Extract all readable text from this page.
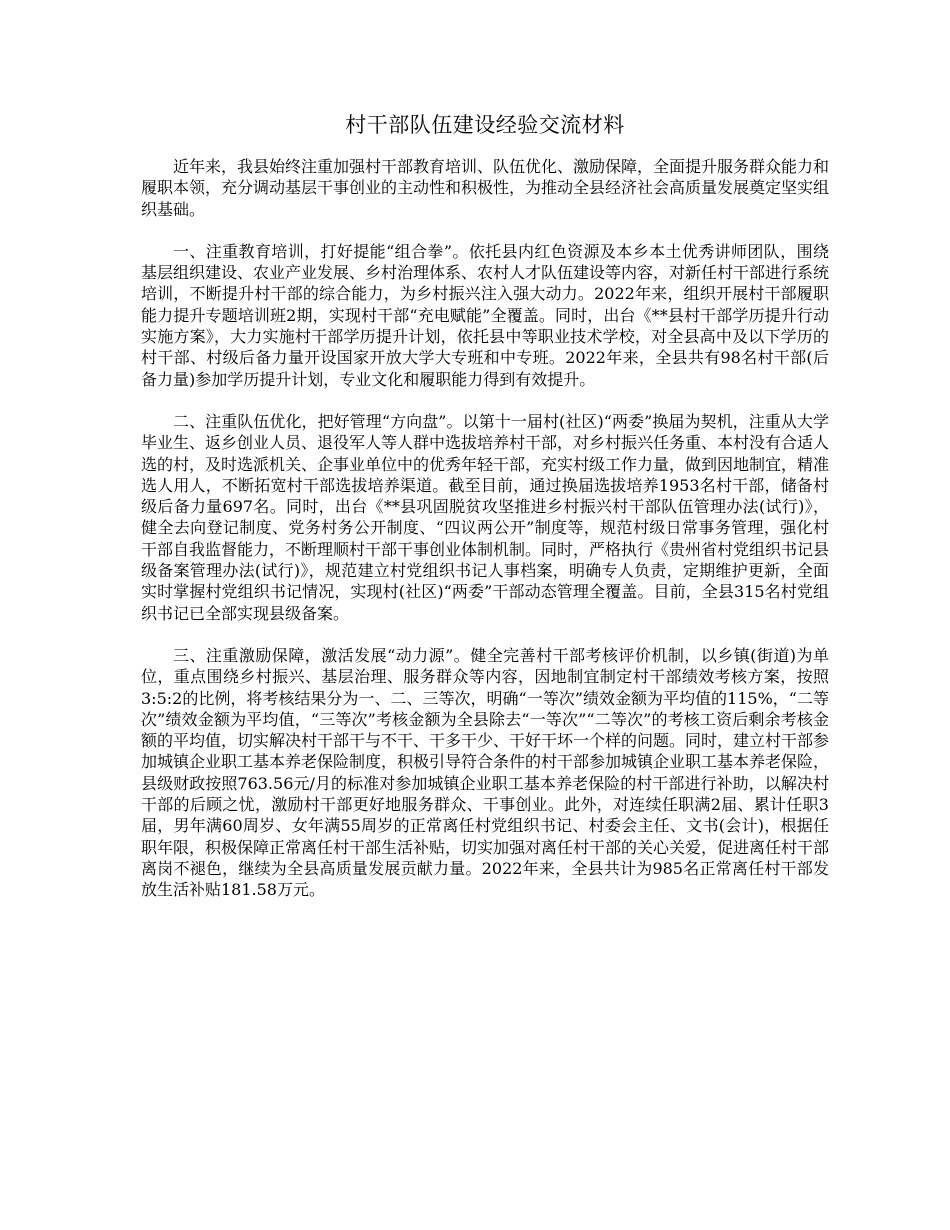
村干部队伍建设经验交流材料

近年来，我县始终注重加强村干部教育培训、队伍优化、激励保障，全面提升服务群众能力和履职本领，充分调动基层干事创业的主动性和积极性，为推动全县经济社会高质量发展奠定坚实组织基础。

一、注重教育培训，打好提能“组合拳”。依托县内红色资源及本乡本土优秀讲师团队，围绕基层组织建设、农业产业发展、乡村治理体系、农村人才队伍建设等内容，对新任村干部进行系统培训，不断提升村干部的综合能力，为乡村振兴注入强大动力。2022年来，组织开展村干部履职能力提升专题培训班2期，实现村干部“充电赋能”全覆盖。同时，出台《**县村干部学历提升行动实施方案》，大力实施村干部学历提升计划，依托县中等职业技术学校，对全县高中及以下学历的村干部、村级后备力量开设国家开放大学大专班和中专班。2022年来，全县共有98名村干部(后备力量)参加学历提升计划，专业文化和履职能力得到有效提升。

二、注重队伍优化，把好管理“方向盘”。以第十一届村(社区)“两委”换届为契机，注重从大学毕业生、返乡创业人员、退役军人等人群中选拔培养村干部，对乡村振兴任务重、本村没有合适人选的村，及时选派机关、企事业单位中的优秀年轻干部，充实村级工作力量，做到因地制宜，精准选人用人，不断拓宽村干部选拔培养渠道。截至目前，通过换届选拔培养1953名村干部，储备村级后备力量697名。同时，出台《**县巩固脱贫攻坚推进乡村振兴村干部队伍管理办法(试行)》，健全去向登记制度、党务村务公开制度、“四议两公开”制度等，规范村级日常事务管理，强化村干部自我监督能力，不断理顺村干部干事创业体制机制。同时，严格执行《贵州省村党组织书记县级备案管理办法(试行)》，规范建立村党组织书记人事档案，明确专人负责，定期维护更新，全面实时掌握村党组织书记情况，实现村(社区)“两委”干部动态管理全覆盖。目前，全县315名村党组织书记已全部实现县级备案。

三、注重激励保障，激活发展“动力源”。健全完善村干部考核评价机制，以乡镇(街道)为单位，重点围绕乡村振兴、基层治理、服务群众等内容，因地制宜制定村干部绩效考核方案，按照3:5:2的比例，将考核结果分为一、二、三等次，明确“一等次”绩效金额为平均值的115%，“二等次”绩效金额为平均值，“三等次”考核金额为全县除去“一等次”“二等次”的考核工资后剩余考核金额的平均值，切实解决村干部干与不干、干多干少、干好干坏一个样的问题。同时，建立村干部参加城镇企业职工基本养老保险制度，积极引导符合条件的村干部参加城镇企业职工基本养老保险，县级财政按照763.56元/月的标准对参加城镇企业职工基本养老保险的村干部进行补助，以解决村干部的后顾之忧，激励村干部更好地服务群众、干事创业。此外，对连续任职满2届、累计任职3届，男年满60周岁、女年满55周岁的正常离任村党组织书记、村委会主任、文书(会计)，根据任职年限，积极保障正常离任村干部生活补贴，切实加强对离任村干部的关心关爱，促进离任村干部离岗不褪色，继续为全县高质量发展贡献力量。2022年来，全县共计为985名正常离任村干部发放生活补贴181.58万元。
